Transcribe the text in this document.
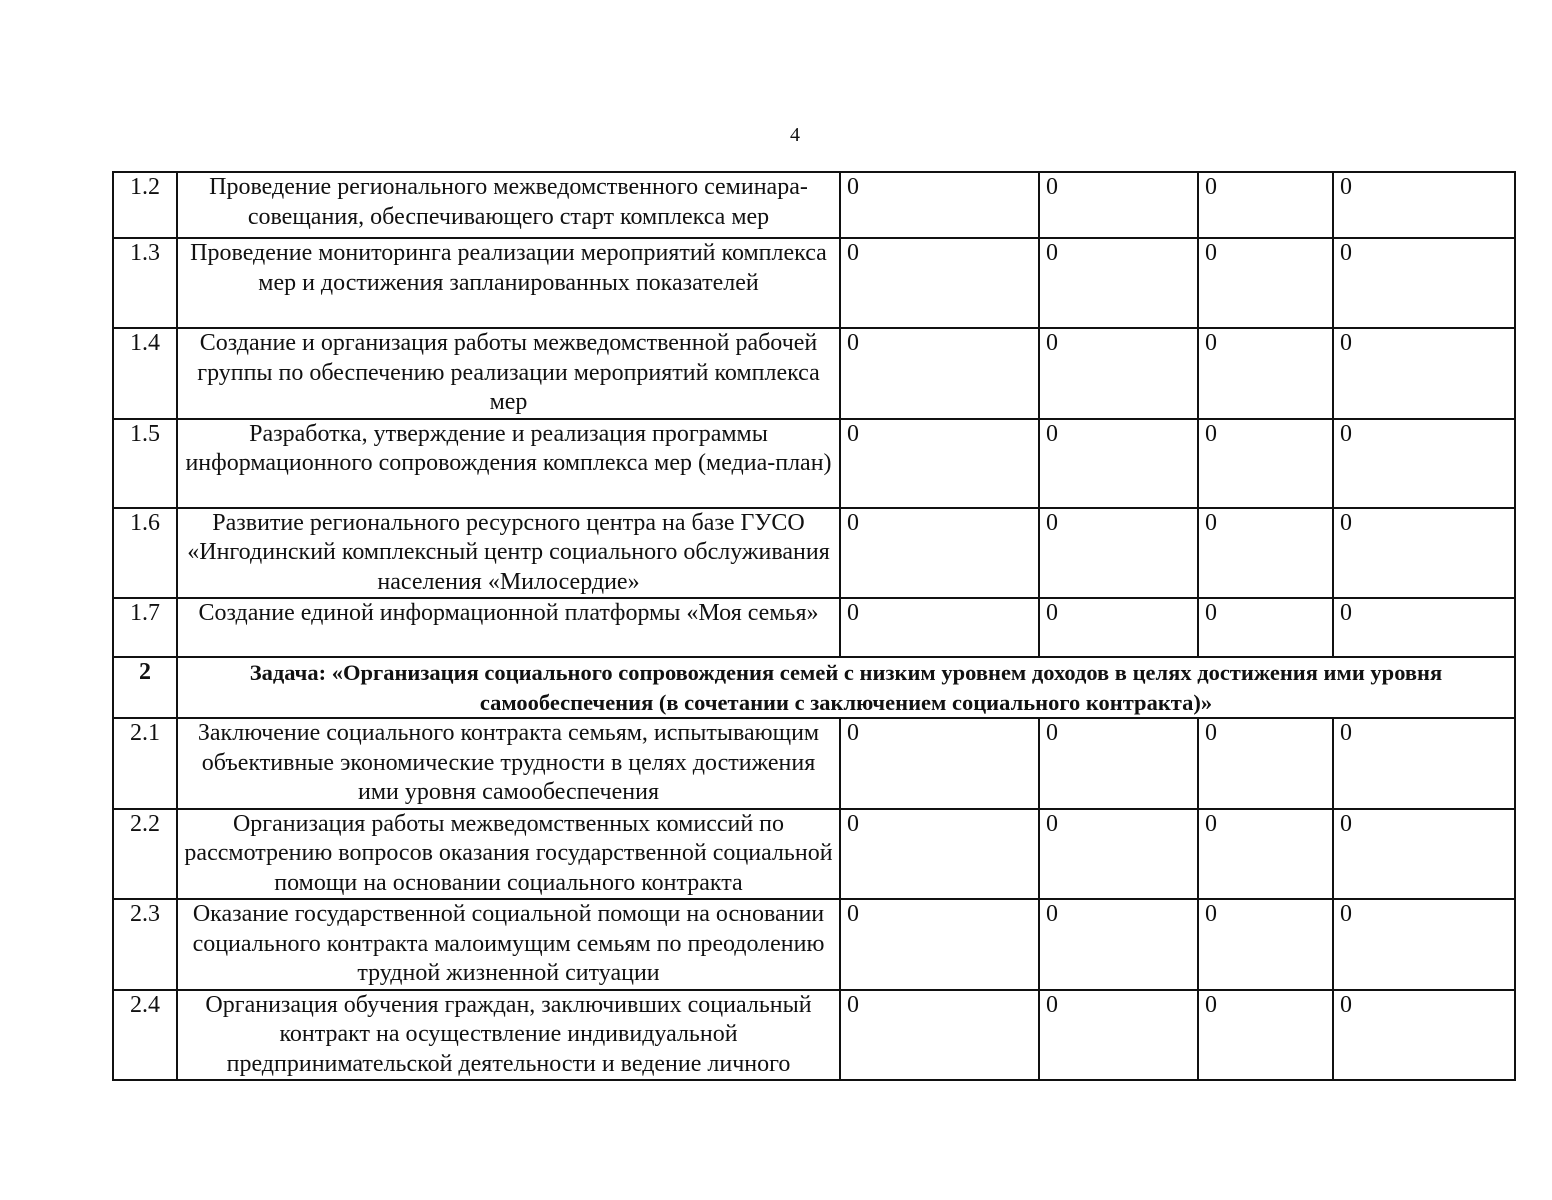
4
1.2	Проведение регионального межведомственного семинара-совещания, обеспечивающего старт комплекса мер	0	0	0	0
1.3	Проведение мониторинга реализации мероприятий комплекса мер и достижения запланированных показателей	0	0	0	0
1.4	Создание и организация работы межведомственной рабочей группы по обеспечению реализации мероприятий комплекса мер	0	0	0	0
1.5	Разработка, утверждение и реализация программы информационного сопровождения комплекса мер (медиа-план)	0	0	0	0
1.6	Развитие регионального ресурсного центра на базе ГУСО «Ингодинский комплексный центр социального обслуживания населения «Милосердие»	0	0	0	0
1.7	Создание единой информационной платформы «Моя семья»	0	0	0	0
2	Задача: «Организация социального сопровождения семей с низким уровнем доходов в целях достижения ими уровня самообеспечения (в сочетании с заключением социального контракта)»				
2.1	Заключение социального контракта семьям, испытывающим объективные экономические трудности в целях достижения ими уровня самообеспечения	0	0	0	0
2.2	Организация работы межведомственных комиссий по рассмотрению вопросов оказания государственной социальной помощи на основании социального контракта	0	0	0	0
2.3	Оказание государственной социальной помощи на основании социального контракта малоимущим семьям по преодолению трудной жизненной ситуации	0	0	0	0
2.4	Организация обучения граждан, заключивших социальный контракт на осуществление индивидуальной предпринимательской деятельности и ведение личного	0	0	0	0
